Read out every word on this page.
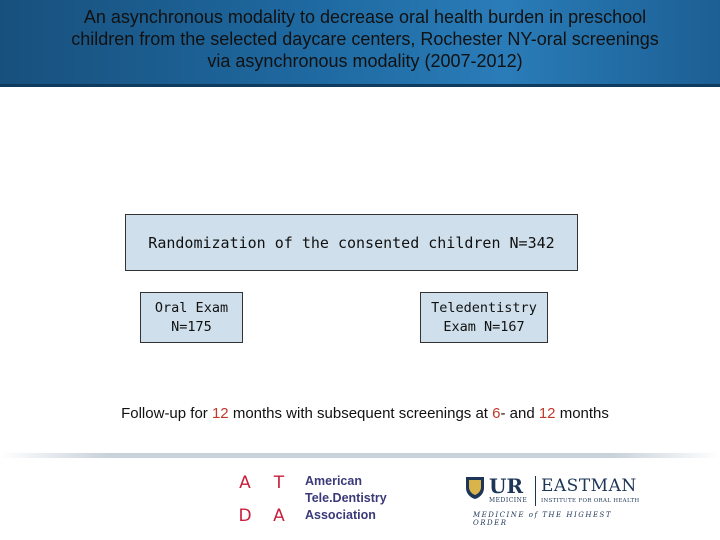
An asynchronous modality to decrease oral health burden in preschool
children from the selected daycare centers, Rochester NY-oral screenings
via asynchronous modality (2007-2012)
Randomization of the consented children N=342
Oral Exam
N=175
Teledentistry
Exam N=167
Follow-up for 12 months with subsequent screenings at 6- and 12 months
A T
D A
American
Tele.Dentistry
Association
UR
MEDICINE
EASTMAN
INSTITUTE FOR ORAL HEALTH
MEDICINE of THE HIGHEST ORDER
